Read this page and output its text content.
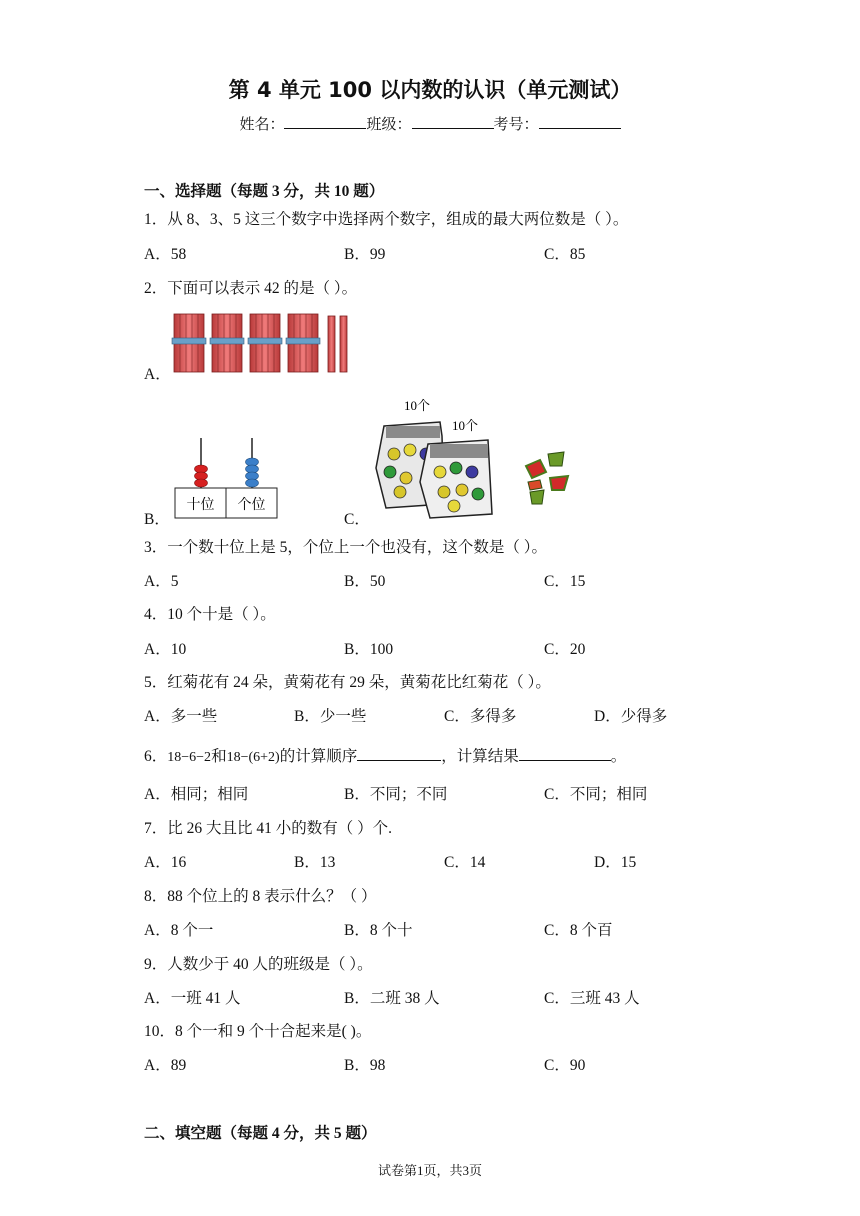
第 4 单元 100 以内数的认识（单元测试）
姓名：	班级：	考号：
一、选择题（每题 3 分，共 10 题）
1．从 8、3、5 这三个数字中选择两个数字，组成的最大两位数是（ ）。
A．58	B．99	C．85
2．下面可以表示 42 的是（ ）。
A．
B．
十位 个位
C．
10个
10个
3．一个数十位上是 5，个位上一个也没有，这个数是（ ）。
A．5	B．50	C．15
4．10 个十是（ ）。
A．10	B．100	C．20
5．红菊花有 24 朵，黄菊花有 29 朵，黄菊花比红菊花（ ）。
A．多一些	B．少一些	C．多得多	D．少得多
6．18−6−2和18−(6+2)的计算顺序	，计算结果	。
A．相同；相同	B．不同；不同	C．不同；相同
7．比 26 大且比 41 小的数有（ ）个.
A．16	B．13	C．14	D．15
8．88 个位上的 8 表示什么？（ ）
A．8 个一	B．8 个十	C．8 个百
9．人数少于 40 人的班级是（ ）。
A．一班 41 人	B．二班 38 人	C．三班 43 人
10．8 个一和 9 个十合起来是( )。
A．89	B．98	C．90
二、填空题（每题 4 分，共 5 题）
试卷第1页，共3页
